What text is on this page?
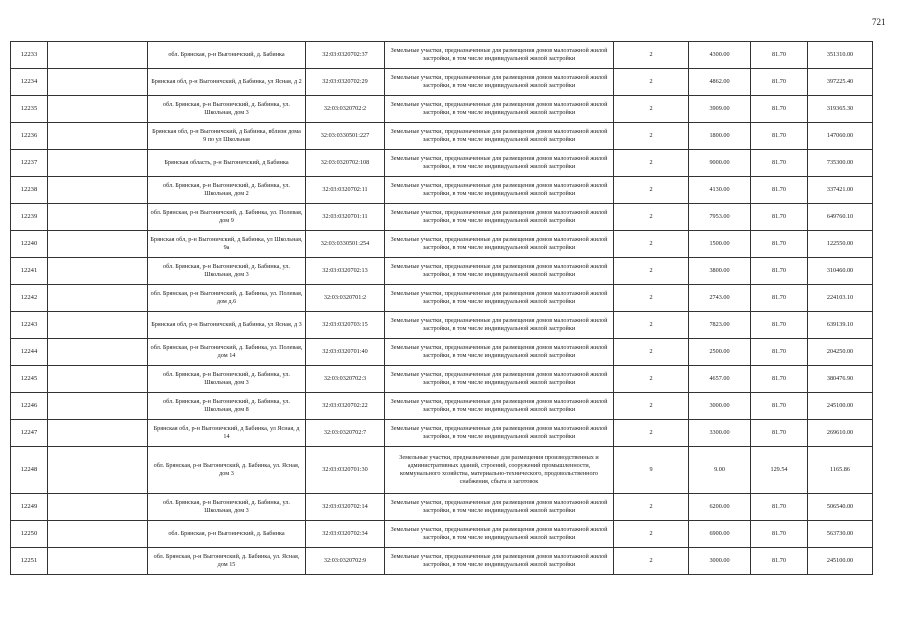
721
12233		обл. Брянская, р-н Выгоничский, д. Бабинка	32:03:0320702:37	Земельные участки, предназначенные для размещения домов малоэтажной жилой застройки, в том числе индивидуальной жилой застройки	2	4300.00	81.70	351310.00
12234		Брянская обл, р-н Выгоничский, д Бабинка, ул Ясная, д 2	32:03:0320702:29	Земельные участки, предназначенные для размещения домов малоэтажной жилой застройки, в том числе индивидуальной жилой застройки	2	4862.00	81.70	397225.40
12235		обл. Брянская, р-н Выгоничский, д. Бабинка, ул. Школьная, дом 3	32:03:0320702:2	Земельные участки, предназначенные для размещения домов малоэтажной жилой застройки, в том числе индивидуальной жилой застройки	2	3909.00	81.70	319365.30
12236		Брянская обл, р-н Выгоничский, д Бабинка, вблизи дома 9 по ул Школьная	32:03:0330501:227	Земельные участки, предназначенные для размещения домов малоэтажной жилой застройки, в том числе индивидуальной жилой застройки	2	1800.00	81.70	147060.00
12237		Брянская область, р-н Выгоничский, д Бабинка	32:03:0320702:108	Земельные участки, предназначенные для размещения домов малоэтажной жилой застройки, в том числе индивидуальной жилой застройки	2	9000.00	81.70	735300.00
12238		обл. Брянская, р-н Выгоничский, д. Бабинка, ул. Школьная, дом 2	32:03:0320702:11	Земельные участки, предназначенные для размещения домов малоэтажной жилой застройки, в том числе индивидуальной жилой застройки	2	4130.00	81.70	337421.00
12239		обл. Брянская, р-н Выгоничский, д. Бабинка, ул. Полевая, дом 9	32:03:0320701:11	Земельные участки, предназначенные для размещения домов малоэтажной жилой застройки, в том числе индивидуальной жилой застройки	2	7953.00	81.70	649760.10
12240		Брянская обл, р-н Выгоничский, д Бабинка, ул Школьная, 9а	32:03:0330501:254	Земельные участки, предназначенные для размещения домов малоэтажной жилой застройки, в том числе индивидуальной жилой застройки	2	1500.00	81.70	122550.00
12241		обл. Брянская, р-н Выгоничский, д. Бабинка, ул. Школьная, дом 3	32:03:0320702:13	Земельные участки, предназначенные для размещения домов малоэтажной жилой застройки, в том числе индивидуальной жилой застройки	2	3800.00	81.70	310460.00
12242		обл. Брянская, р-н Выгоничский, д. Бабинка, ул. Полевая, дом д.6	32:03:0320701:2	Земельные участки, предназначенные для размещения домов малоэтажной жилой застройки, в том числе индивидуальной жилой застройки	2	2743.00	81.70	224103.10
12243		Брянская обл, р-н Выгоничский, д Бабинка, ул Ясная, д 3	32:03:0320703:15	Земельные участки, предназначенные для размещения домов малоэтажной жилой застройки, в том числе индивидуальной жилой застройки	2	7823.00	81.70	639139.10
12244		обл. Брянская, р-н Выгоничский, д. Бабинка, ул. Полевая, дом 14	32:03:0320701:40	Земельные участки, предназначенные для размещения домов малоэтажной жилой застройки, в том числе индивидуальной жилой застройки	2	2500.00	81.70	204250.00
12245		обл. Брянская, р-н Выгоничский, д. Бабинка, ул. Школьная, дом 3	32:03:0320702:3	Земельные участки, предназначенные для размещения домов малоэтажной жилой застройки, в том числе индивидуальной жилой застройки	2	4657.00	81.70	380476.90
12246		обл. Брянская, р-н Выгоничский, д. Бабинка, ул. Школьная, дом 8	32:03:0320702:22	Земельные участки, предназначенные для размещения домов малоэтажной жилой застройки, в том числе индивидуальной жилой застройки	2	3000.00	81.70	245100.00
12247		Брянская обл, р-н Выгоничский, д Бабинка, ул Ясная, д 14	32:03:0320702:7	Земельные участки, предназначенные для размещения домов малоэтажной жилой застройки, в том числе индивидуальной жилой застройки	2	3300.00	81.70	269610.00
12248		обл. Брянская, р-н Выгоничский, д. Бабинка, ул. Ясная, дом 3	32:03:0320701:30	Земельные участки, предназначенные для размещения производственных и административных зданий, строений, сооружений промышленности, коммунального хозяйства, материально-технического, продовольственного снабжения, сбыта и заготовок	9	9.00	129.54	1165.86
12249		обл. Брянская, р-н Выгоничский, д. Бабинка, ул. Школьная, дом 3	32:03:0320702:14	Земельные участки, предназначенные для размещения домов малоэтажной жилой застройки, в том числе индивидуальной жилой застройки	2	6200.00	81.70	506540.00
12250		обл. Брянская, р-н Выгоничский, д. Бабинка	32:03:0320702:34	Земельные участки, предназначенные для размещения домов малоэтажной жилой застройки, в том числе индивидуальной жилой застройки	2	6900.00	81.70	563730.00
12251		обл. Брянская, р-н Выгоничский, д. Бабинка, ул. Ясная, дом 15	32:03:0320702:9	Земельные участки, предназначенные для размещения домов малоэтажной жилой застройки, в том числе индивидуальной жилой застройки	2	3000.00	81.70	245100.00
